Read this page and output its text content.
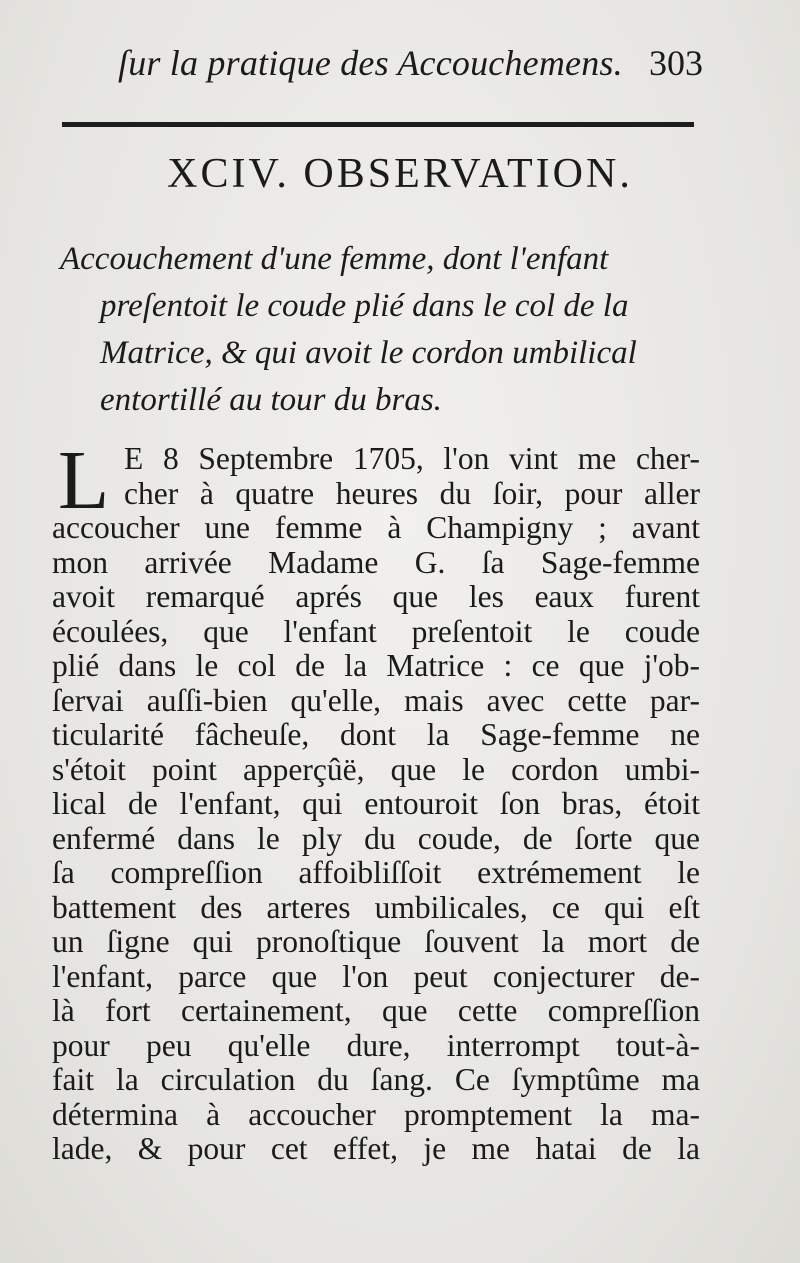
ſur la pratique des Accouchemens. 303
XCIV. OBSERVATION.
Accouchement d'une femme, dont l'enfant
preſentoit le coude plié dans le col de la
Matrice, & qui avoit le cordon umbilical
entortillé au tour du bras.
L E 8 Septembre 1705, l'on vint me cher-
cher à quatre heures du ſoir, pour aller
accoucher une femme à Champigny ; avant
mon arrivée Madame G. ſa Sage-femme
avoit remarqué aprés que les eaux furent
écoulées, que l'enfant preſentoit le coude
plié dans le col de la Matrice : ce que j'ob-
ſervai auſſi-bien qu'elle, mais avec cette par-
ticularité fâcheuſe, dont la Sage-femme ne
s'étoit point apperçûë, que le cordon umbi-
lical de l'enfant, qui entouroit ſon bras, étoit
enfermé dans le ply du coude, de ſorte que
ſa compreſſion affoibliſſoit extrémement le
battement des arteres umbilicales, ce qui eſt
un ſigne qui pronoſtique ſouvent la mort de
l'enfant, parce que l'on peut conjecturer de-
là fort certainement, que cette compreſſion
pour peu qu'elle dure, interrompt tout-à-
fait la circulation du ſang. Ce ſymptûme ma
détermina à accoucher promptement la ma-
lade, & pour cet effet, je me hatai de la
